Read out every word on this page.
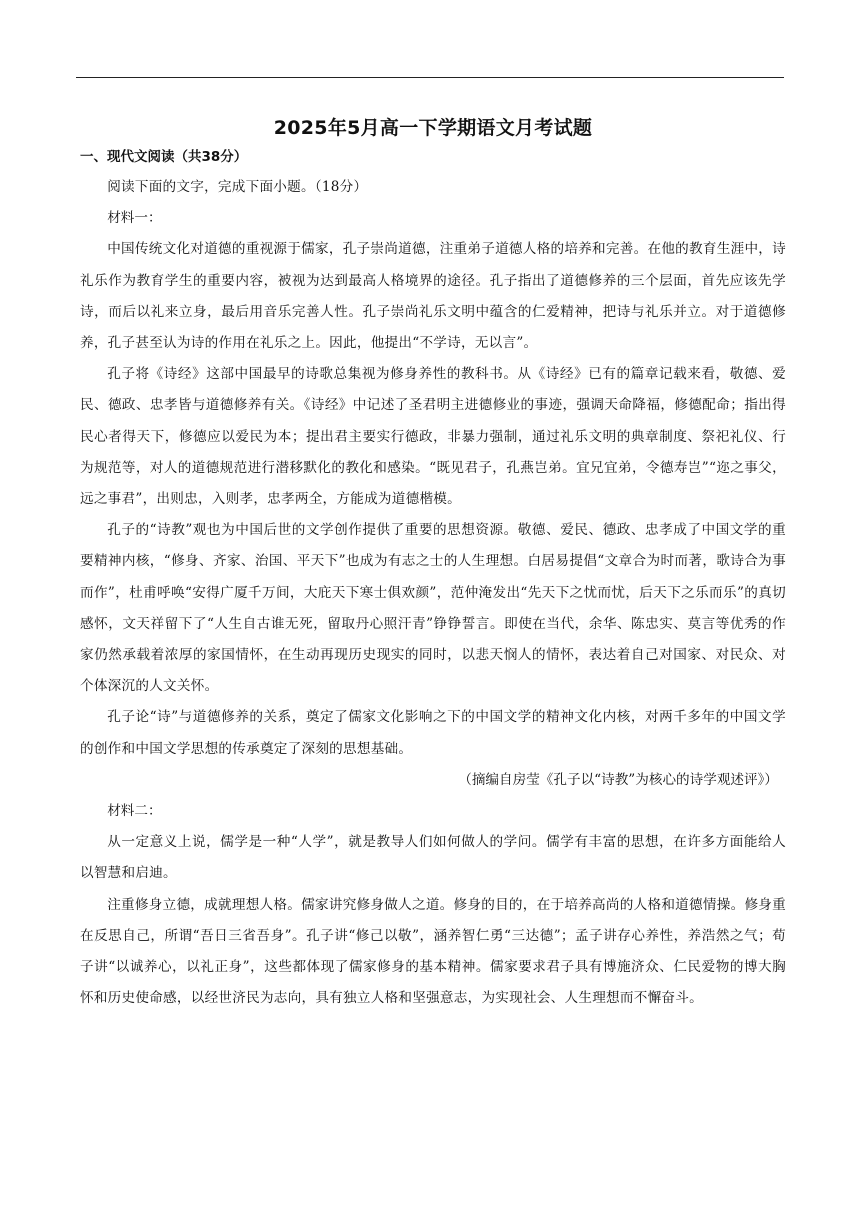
2025年5月高一下学期语文月考试题
一、现代文阅读（共38分）

阅读下面的文字，完成下面小题。（18分）

材料一：

中国传统文化对道德的重视源于儒家，孔子崇尚道德，注重弟子道德人格的培养和完善。在他的教育生涯中，诗礼乐作为教育学生的重要内容，被视为达到最高人格境界的途径。孔子指出了道德修养的三个层面，首先应该先学诗，而后以礼来立身，最后用音乐完善人性。孔子崇尚礼乐文明中蕴含的仁爱精神，把诗与礼乐并立。对于道德修养，孔子甚至认为诗的作用在礼乐之上。因此，他提出“不学诗，无以言”。

孔子将《诗经》这部中国最早的诗歌总集视为修身养性的教科书。从《诗经》已有的篇章记载来看，敬德、爱民、德政、忠孝皆与道德修养有关。《诗经》中记述了圣君明主进德修业的事迹，强调天命降福，修德配命；指出得民心者得天下，修德应以爱民为本；提出君主要实行德政，非暴力强制，通过礼乐文明的典章制度、祭祀礼仪、行为规范等，对人的道德规范进行潜移默化的教化和感染。“既见君子，孔燕岂弟。宜兄宜弟，令德寿岂”“迩之事父，远之事君”，出则忠，入则孝，忠孝两全，方能成为道德楷模。

孔子的“诗教”观也为中国后世的文学创作提供了重要的思想资源。敬德、爱民、德政、忠孝成了中国文学的重要精神内核，“修身、齐家、治国、平天下”也成为有志之士的人生理想。白居易提倡“文章合为时而著，歌诗合为事而作”，杜甫呼唤“安得广厦千万间，大庇天下寒士俱欢颜”，范仲淹发出“先天下之忧而忧，后天下之乐而乐”的真切感怀，文天祥留下了“人生自古谁无死，留取丹心照汗青”铮铮誓言。即使在当代，余华、陈忠实、莫言等优秀的作家仍然承载着浓厚的家国情怀，在生动再现历史现实的同时，以悲天悯人的情怀，表达着自己对国家、对民众、对个体深沉的人文关怀。

孔子论“诗”与道德修养的关系，奠定了儒家文化影响之下的中国文学的精神文化内核，对两千多年的中国文学的创作和中国文学思想的传承奠定了深刻的思想基础。

（摘编自房莹《孔子以“诗教”为核心的诗学观述评》）

材料二：

从一定意义上说，儒学是一种“人学”，就是教导人们如何做人的学问。儒学有丰富的思想，在许多方面能给人以智慧和启迪。

注重修身立德，成就理想人格。儒家讲究修身做人之道。修身的目的，在于培养高尚的人格和道德情操。修身重在反思自己，所谓“吾日三省吾身”。孔子讲“修己以敬”，涵养智仁勇“三达德”；孟子讲存心养性，养浩然之气；荀子讲“以诚养心，以礼正身”，这些都体现了儒家修身的基本精神。儒家要求君子具有博施济众、仁民爱物的博大胸怀和历史使命感，以经世济民为志向，具有独立人格和坚强意志，为实现社会、人生理想而不懈奋斗。
